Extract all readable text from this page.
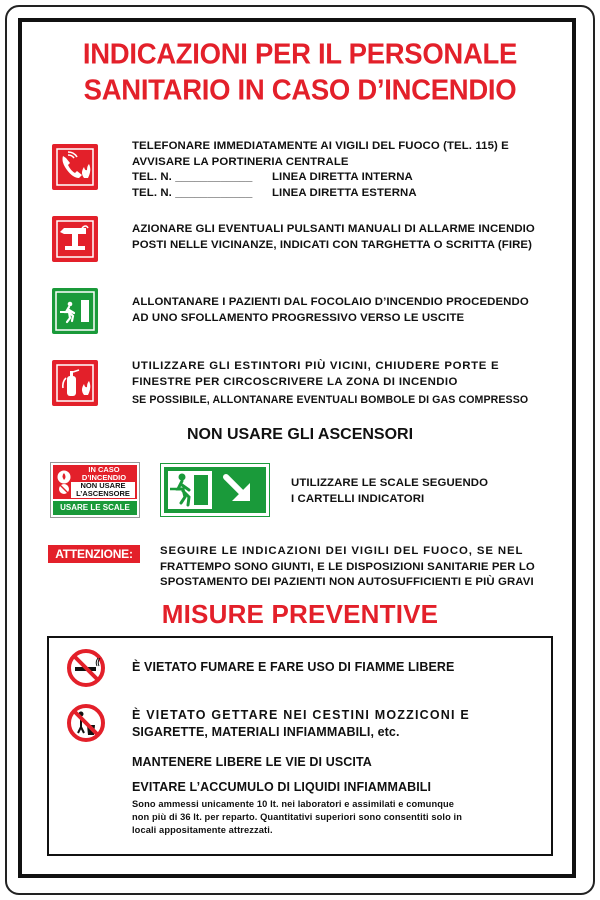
INDICAZIONI PER IL PERSONALE
SANITARIO IN CASO D’INCENDIO
TELEFONARE IMMEDIATAMENTE AI VIGILI DEL FUOCO (TEL. 115) E
AVVISARE LA PORTINERIA CENTRALE
TEL. N. ____________	LINEA DIRETTA INTERNA
TEL. N. ____________	LINEA DIRETTA ESTERNA
AZIONARE GLI EVENTUALI PULSANTI MANUALI DI ALLARME INCENDIO
POSTI NELLE VICINANZE, INDICATI CON TARGHETTA O SCRITTA (FIRE)
ALLONTANARE I PAZIENTI DAL FOCOLAIO D’INCENDIO PROCEDENDO
AD UNO SFOLLAMENTO PROGRESSIVO VERSO LE USCITE
UTILIZZARE GLI ESTINTORI PIÙ VICINI, CHIUDERE PORTE E
FINESTRE PER CIRCOSCRIVERE LA ZONA DI INCENDIO
SE POSSIBILE, ALLONTANARE EVENTUALI BOMBOLE DI GAS COMPRESSO
NON USARE GLI ASCENSORI
IN CASO
D’INCENDIO
NON USARE
L’ASCENSORE
USARE LE SCALE
UTILIZZARE LE SCALE SEGUENDO
I CARTELLI INDICATORI
ATTENZIONE:	SEGUIRE LE INDICAZIONI DEI VIGILI DEL FUOCO, SE NEL
FRATTEMPO SONO GIUNTI, E LE DISPOSIZIONI SANITARIE PER LO
SPOSTAMENTO DEI PAZIENTI NON AUTOSUFFICIENTI E PIÙ GRAVI
MISURE PREVENTIVE
È VIETATO FUMARE E FARE USO DI FIAMME LIBERE
È VIETATO GETTARE NEI CESTINI MOZZICONI E
SIGARETTE, MATERIALI INFIAMMABILI, etc.
MANTENERE LIBERE LE VIE DI USCITA
EVITARE L’ACCUMULO DI LIQUIDI INFIAMMABILI
Sono ammessi unicamente 10 lt. nei laboratori e assimilati e comunque
non più di 36 lt. per reparto. Quantitativi superiori sono consentiti solo in
locali appositamente attrezzati.
